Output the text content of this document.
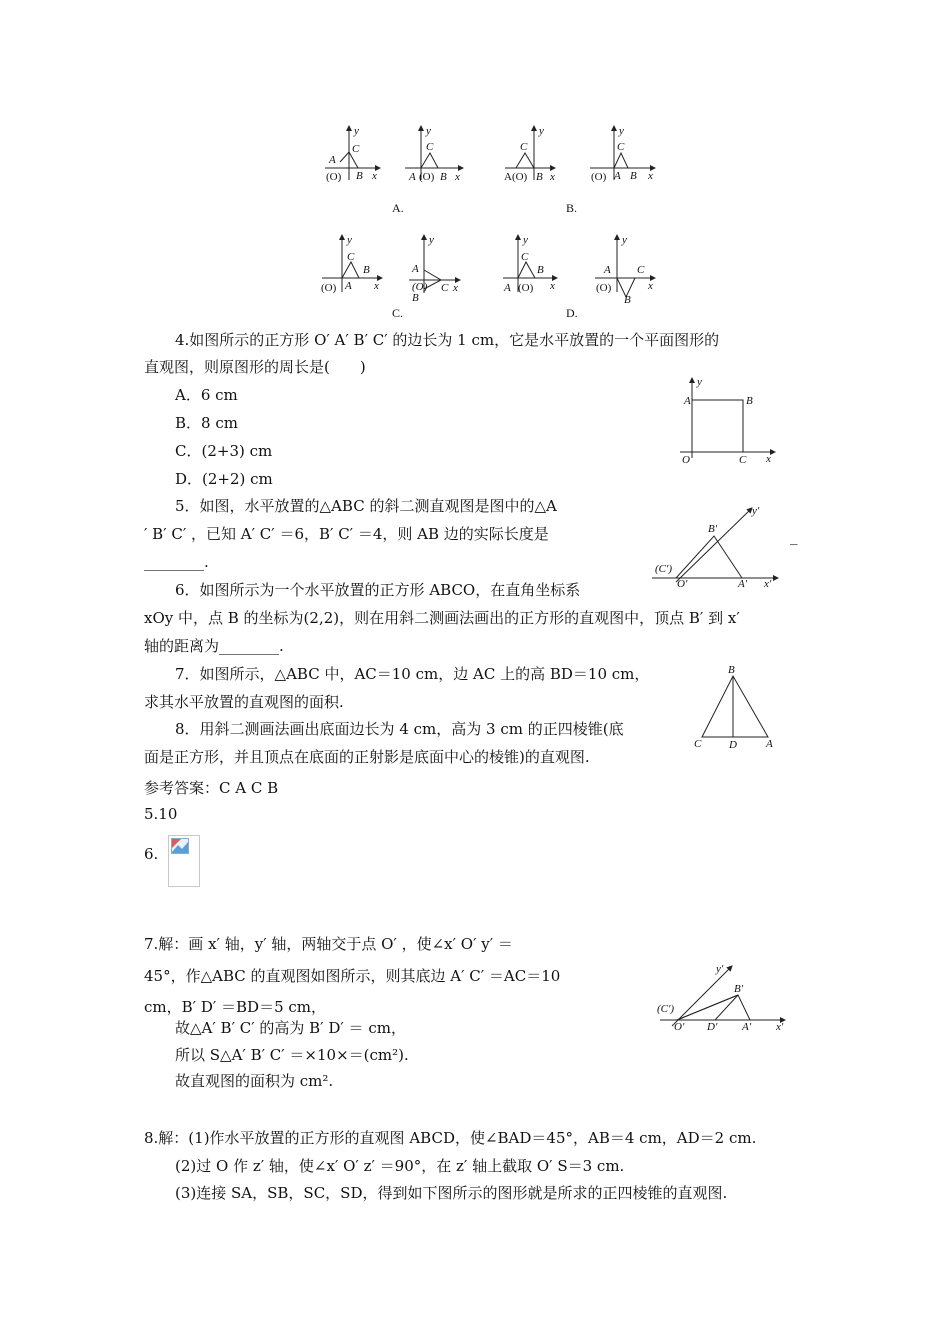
y
A
C
(O) B x
y
C
A (O) B x
y
C
A(O) B x
y
C
(O) A B x
y
C
B
(O) A x
y
A
(O)
B
C x
y
C
B
A (O) x
y
A C
(O)
B
x
A.	B.
C.	D.
4.如图所示的正方形 O′ A′ B′ C′ 的边长为 1 cm，它是水平放置的一个平面图形的
直观图，则原图形的周长是(　　)
A．6 cm
B．8 cm
C．(2+3) cm
D．(2+2) cm
y
A	B
O	C x
5．如图，水平放置的△ABC 的斜二测直观图是图中的△A
′ B′ C′ ，已知 A′ C′ ＝6，B′ C′ ＝4，则 AB 边的实际长度是	_
________.
y′
B′
(C′)
O′	A′ x′
6．如图所示为一个水平放置的正方形 ABCO，在直角坐标系
xOy 中，点 B 的坐标为(2,2)，则在用斜二测画法画出的正方形的直观图中，顶点 B′ 到 x′
轴的距离为________.
7．如图所示，△ABC 中，AC＝10 cm，边 AC 上的高 BD＝10 cm，
求其水平放置的直观图的面积.
B
C	D	A
8．用斜二测画法画出底面边长为 4 cm，高为 3 cm 的正四棱锥(底
面是正方形，并且顶点在底面的正射影是底面中心的棱锥)的直观图.
参考答案：C A C B
5.10
6.
7.解：画 x′ 轴，y′ 轴，两轴交于点 O′ ，使∠x′ O′ y′ ＝
45°，作△ABC 的直观图如图所示，则其底边 A′ C′ ＝AC＝10
cm，B′ D′ ＝BD＝5 cm，
故△A′ B′ C′ 的高为 B′ D′ ＝ cm，
所以 S△A′ B′ C′ ＝×10×＝(cm²).
故直观图的面积为 cm².
y′
B′
(C′)
O′ D′ A′ x′
8.解：(1)作水平放置的正方形的直观图 ABCD，使∠BAD＝45°，AB＝4 cm，AD＝2 cm.
(2)过 O 作 z′ 轴，使∠x′ O′ z′ ＝90°，在 z′ 轴上截取 O′ S＝3 cm.
(3)连接 SA，SB，SC，SD，得到如下图所示的图形就是所求的正四棱锥的直观图.
